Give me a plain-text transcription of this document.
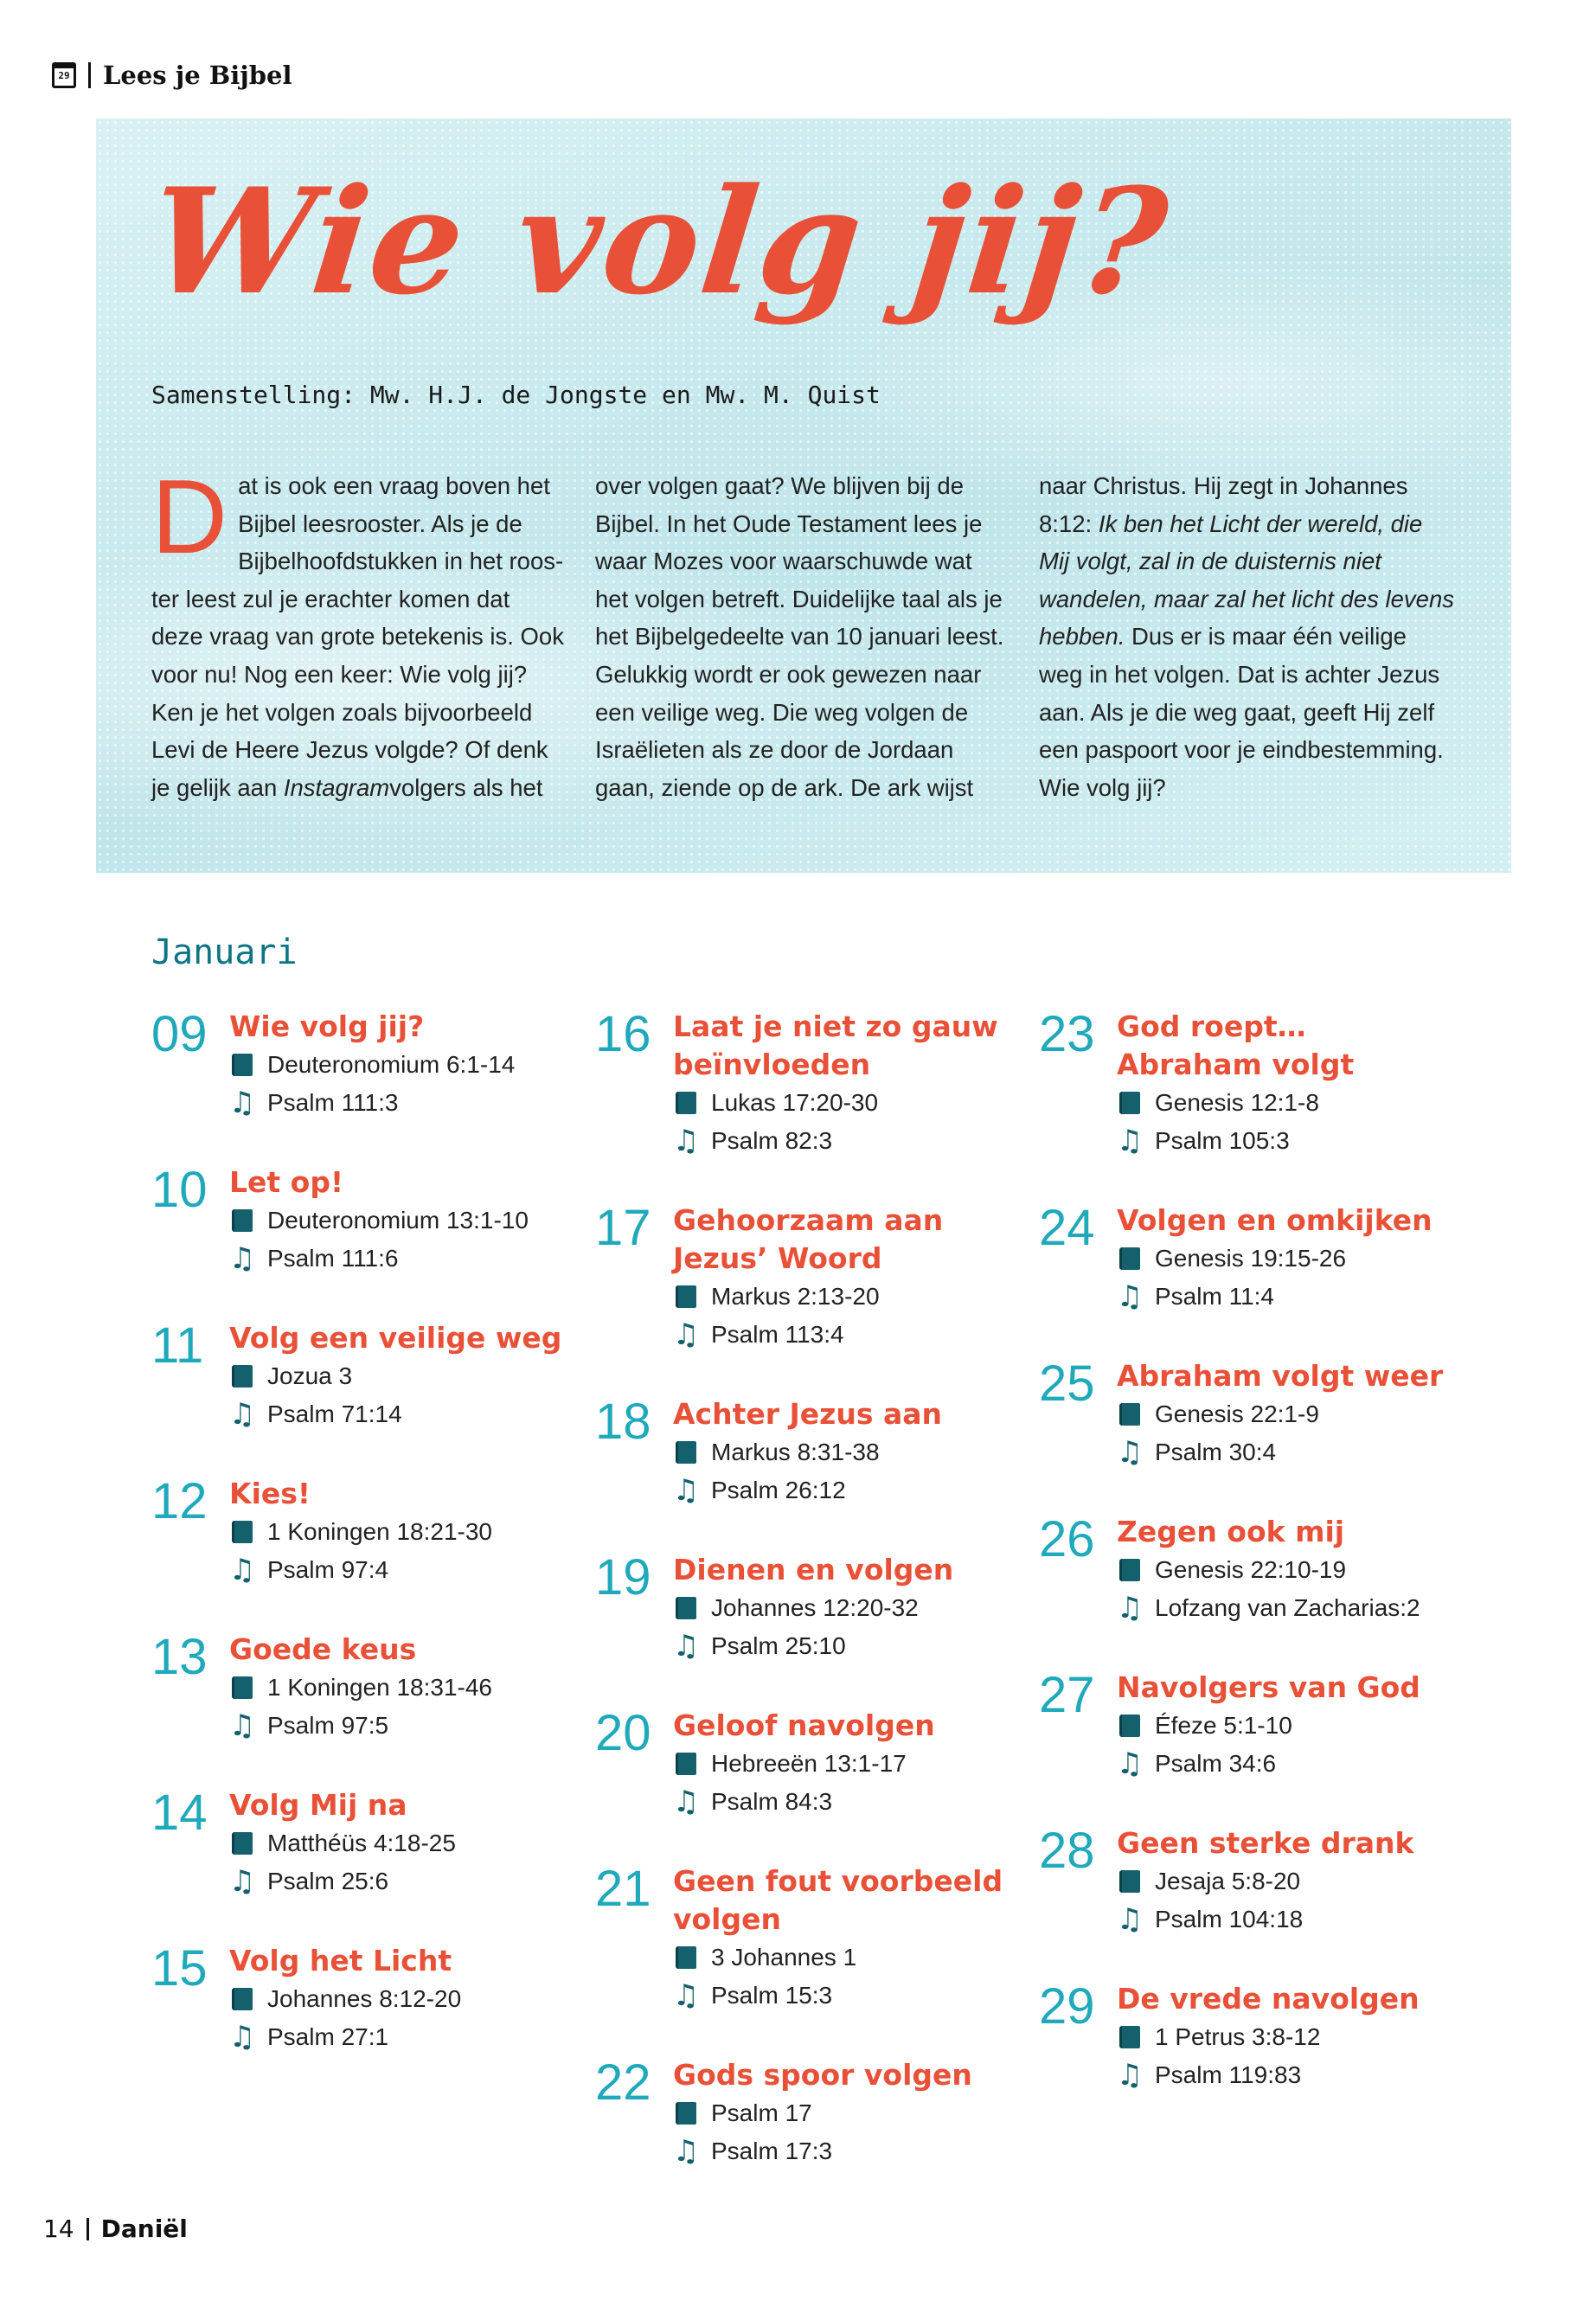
29 Lees je Bijbel
Wie volg jij?
Samenstelling: Mw. H.J. de Jongste en Mw. M. Quist
D at is ook een vraag boven het Bijbel leesrooster. Als je de Bijbelhoofdstukken in het roos- ter leest zul je erachter komen dat deze vraag van grote betekenis is. Ook voor nu! Nog een keer: Wie volg jij? Ken je het volgen zoals bijvoorbeeld Levi de Heere Jezus volgde? Of denk je gelijk aan Instagramvolgers als het

over volgen gaat? We blijven bij de Bijbel. In het Oude Testament lees je waar Mozes voor waarschuwde wat het volgen betreft. Duidelijke taal als je het Bijbelgedeelte van 10 januari leest. Gelukkig wordt er ook gewezen naar een veilige weg. Die weg volgen de Israëlieten als ze door de Jordaan gaan, ziende op de ark. De ark wijst

naar Christus. Hij zegt in Johannes 8:12: Ik ben het Licht der wereld, die Mij volgt, zal in de duisternis niet wandelen, maar zal het licht des levens hebben. Dus er is maar één veilige weg in het volgen. Dat is achter Jezus aan. Als je die weg gaat, geeft Hij zelf een paspoort voor je eindbestemming. Wie volg jij?

Januari
09 Wie volg jij?
Deuteronomium 6:1-14
♫ Psalm 111:3
10 Let op!
Deuteronomium 13:1-10
♫ Psalm 111:6
11 Volg een veilige weg
Jozua 3
♫ Psalm 71:14
12 Kies!
1 Koningen 18:21-30
♫ Psalm 97:4
13 Goede keus
1 Koningen 18:31-46
♫ Psalm 97:5
14 Volg Mij na
Matthéüs 4:18-25
♫ Psalm 25:6
15 Volg het Licht
Johannes 8:12-20
♫ Psalm 27:1
16 Laat je niet zo gauw beïnvloeden
Lukas 17:20-30
♫ Psalm 82:3
17 Gehoorzaam aan Jezus’ Woord
Markus 2:13-20
♫ Psalm 113:4
18 Achter Jezus aan
Markus 8:31-38
♫ Psalm 26:12
19 Dienen en volgen
Johannes 12:20-32
♫ Psalm 25:10
20 Geloof navolgen
Hebreeën 13:1-17
♫ Psalm 84:3
21 Geen fout voorbeeld volgen
3 Johannes 1
♫ Psalm 15:3
22 Gods spoor volgen
Psalm 17
♫ Psalm 17:3
23 God roept… Abraham volgt
Genesis 12:1-8
♫ Psalm 105:3
24 Volgen en omkijken
Genesis 19:15-26
♫ Psalm 11:4
25 Abraham volgt weer
Genesis 22:1-9
♫ Psalm 30:4
26 Zegen ook mij
Genesis 22:10-19
♫ Lofzang van Zacharias:2
27 Navolgers van God
Éfeze 5:1-10
♫ Psalm 34:6
28 Geen sterke drank
Jesaja 5:8-20
♫ Psalm 104:18
29 De vrede navolgen
1 Petrus 3:8-12
♫ Psalm 119:83
14 Daniël
